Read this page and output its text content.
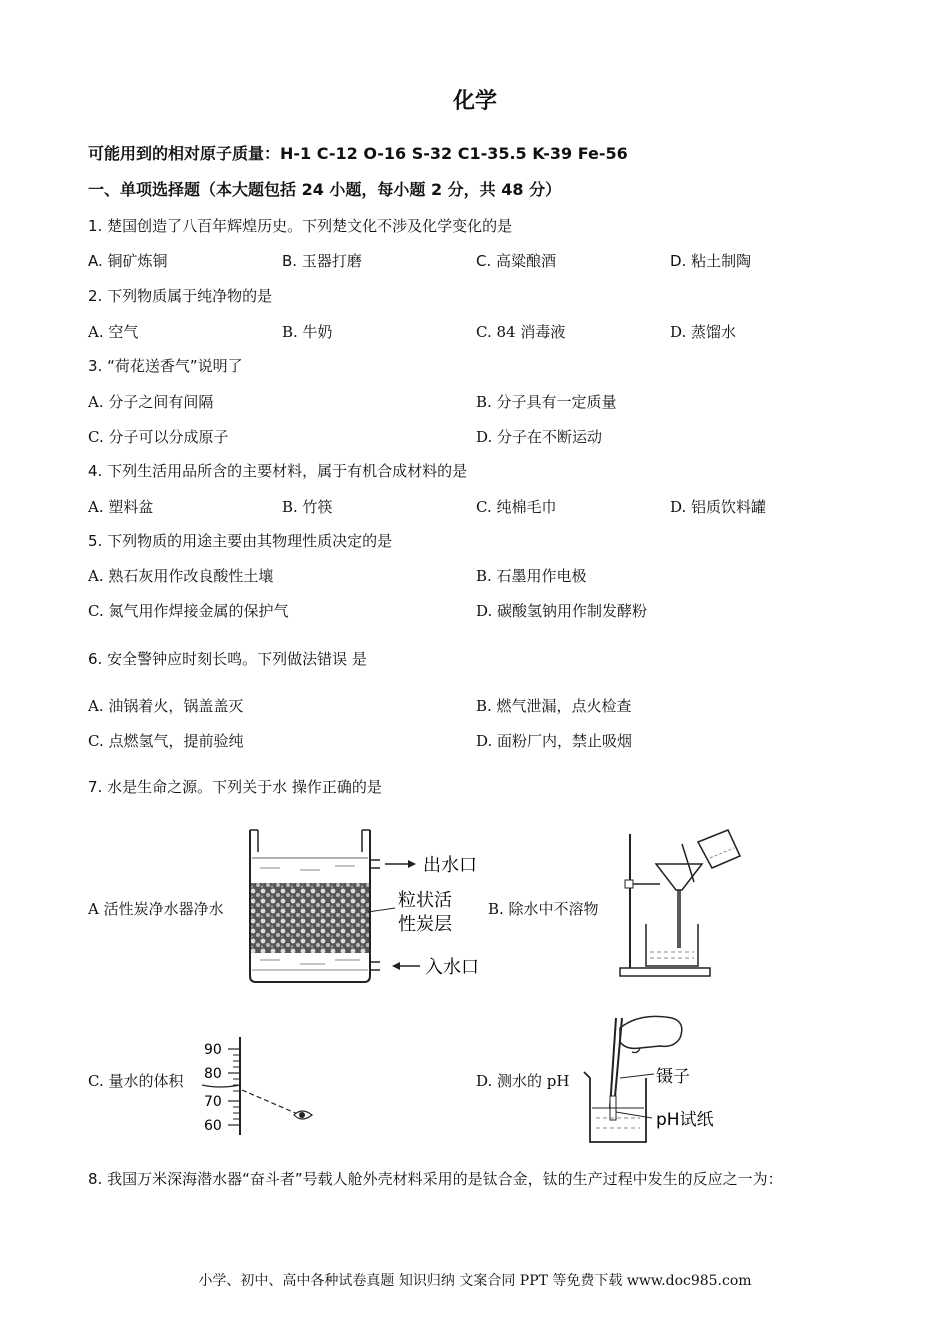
化学
可能用到的相对原子质量：H-1 C-12 O-16 S-32 C1-35.5 K-39 Fe-56
一、单项选择题（本大题包括 24 小题，每小题 2 分，共 48 分）
1. 楚国创造了八百年辉煌历史。下列楚文化不涉及化学变化的是
A. 铜矿炼铜	B. 玉器打磨	C. 高粱酿酒	D. 粘土制陶
2. 下列物质属于纯净物的是
A. 空气	B. 牛奶	C. 84 消毒液	D. 蒸馏水
3. “荷花送香气”说明了
A. 分子之间有间隔	B. 分子具有一定质量
C. 分子可以分成原子	D. 分子在不断运动
4. 下列生活用品所含的主要材料，属于有机合成材料的是
A. 塑料盆	B. 竹筷	C. 纯棉毛巾	D. 铝质饮料罐
5. 下列物质的用途主要由其物理性质决定的是
A. 熟石灰用作改良酸性土壤	B. 石墨用作电极
C. 氮气用作焊接金属的保护气	D. 碳酸氢钠用作制发酵粉
6. 安全警钟应时刻长鸣。下列做法错误 是
A. 油锅着火，锅盖盖灭	B. 燃气泄漏，点火检查
C. 点燃氢气，提前验纯	D. 面粉厂内，禁止吸烟
7. 水是生命之源。下列关于水 操作正确的是
A 活性炭净水器净水	B. 除水中不溶物
C. 量水的体积	D. 测水的 pH
出水口
粒状活
性炭层
入水口
90
80
70
60
镊子
pH试纸
8. 我国万米深海潜水器“奋斗者”号载人舱外壳材料采用的是钛合金，钛的生产过程中发生的反应之一为：
小学、初中、高中各种试卷真题 知识归纳 文案合同 PPT 等免费下载 www.doc985.com
